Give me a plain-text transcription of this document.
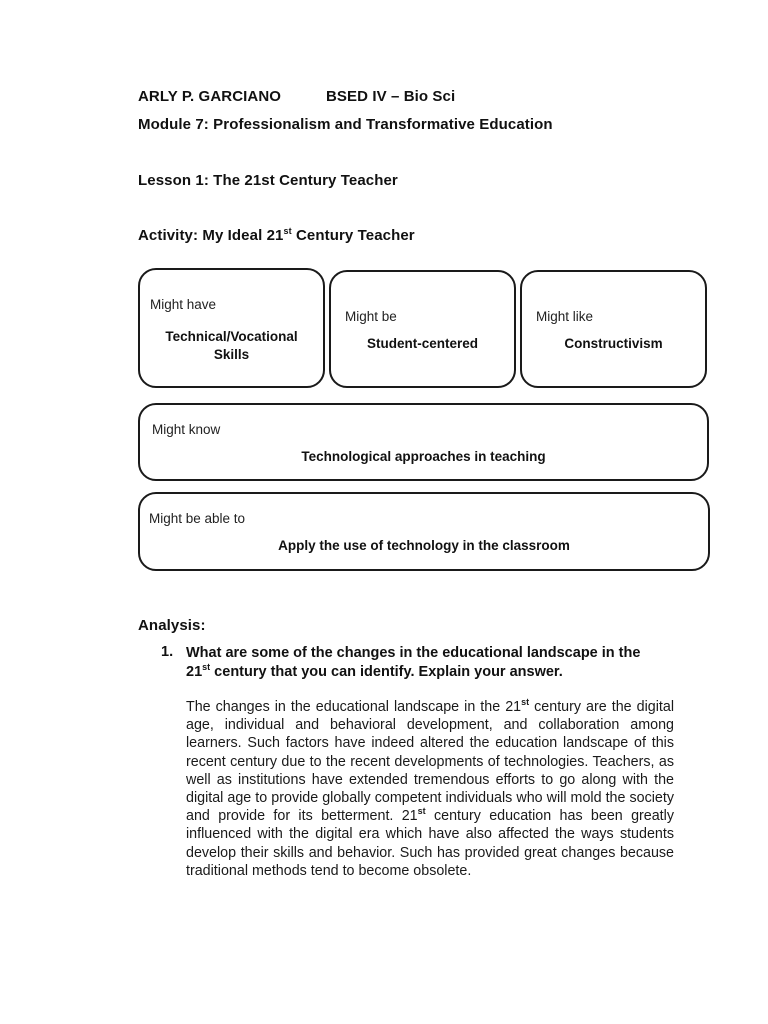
ARLY P. GARCIANO	BSED IV – Bio Sci
Module 7: Professionalism and Transformative Education
Lesson 1: The 21st Century Teacher
Activity: My Ideal 21st Century Teacher
Might have
Technical/Vocational
Skills
Might be
Student-centered
Might like
Constructivism
Might know
Technological approaches in teaching
Might be able to
Apply the use of technology in the classroom
Analysis:
1. What are some of the changes in the educational landscape in the
21st century that you can identify. Explain your answer.
The changes in the educational landscape in the 21st century are the digital age, individual and behavioral development, and collaboration among learners. Such factors have indeed altered the education landscape of this recent century due to the recent developments of technologies. Teachers, as well as institutions have extended tremendous efforts to go along with the digital age to provide globally competent individuals who will mold the society and provide for its betterment. 21st century education has been greatly influenced with the digital era which have also affected the ways students develop their skills and behavior. Such has provided great changes because traditional methods tend to become obsolete.
